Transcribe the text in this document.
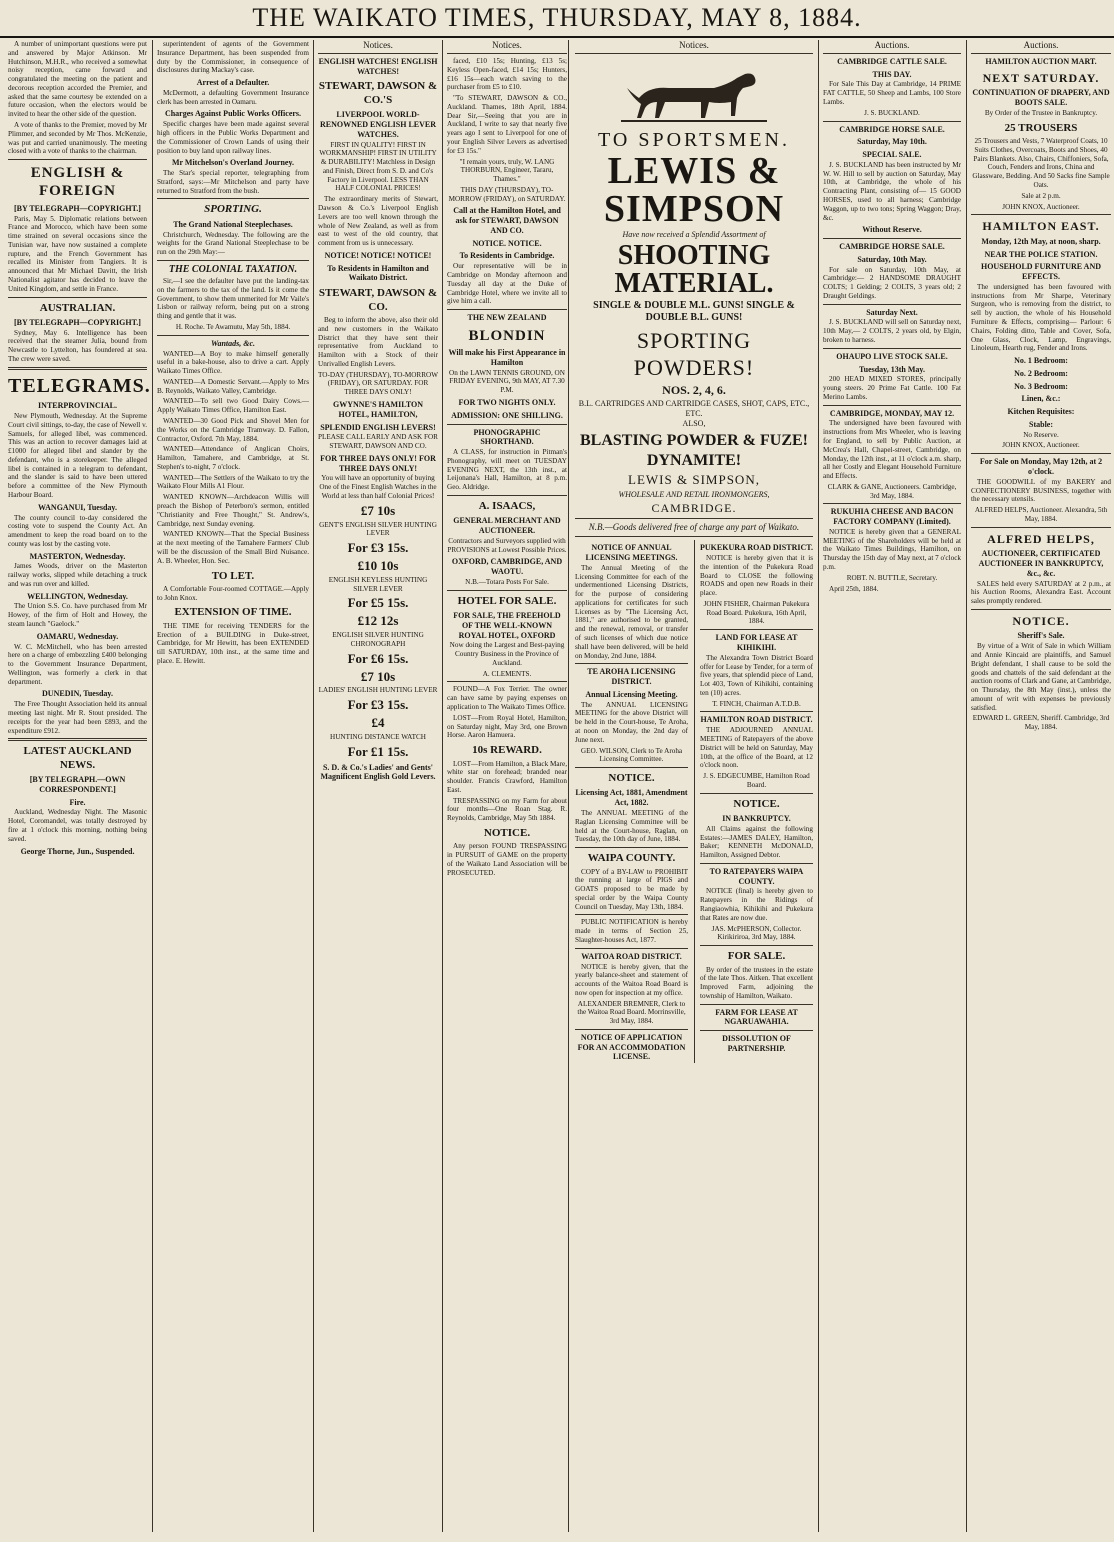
THE WAIKATO TIMES, THURSDAY, MAY 8, 1884.

A number of unimportant questions were put and answered by Major Atkinson. Mr Hutchinson, M.H.R., who received a somewhat noisy reception, came forward and congratulated the meeting on the patient and decorous reception accorded the Premier, and asked that the same courtesy be extended on a future occasion, when the electors would be invited to hear the other side of the question.

A vote of thanks to the Premier, moved by Mr Plimmer, and seconded by Mr Thos. McKenzie, was put and carried unanimously. The meeting closed with a vote of thanks to the chairman.

ENGLISH & FOREIGN
[BY TELEGRAPH—COPYRIGHT.]

Paris, May 5. Diplomatic relations between France and Morocco, which have been some time strained on several occasions since the Tunisian war, have now sustained a complete rupture, and the French Government has recalled its Minister from Tangiers. It is announced that Mr Michael Davitt, the Irish Nationalist agitator has decided to leave the United Kingdom, and settle in France.

AUSTRALIAN.
[BY TELEGRAPH—COPYRIGHT.]

Sydney, May 6. Intelligence has been received that the steamer Julia, bound from Newcastle to Lyttelton, has foundered at sea. The crew were saved.

TELEGRAMS.
INTERPROVINCIAL.

New Plymouth, Wednesday. At the Supreme Court civil sittings, to-day, the case of Newell v. Samuels, for alleged libel, was commenced. This was an action to recover damages laid at £1000 for alleged libel and slander by the defendant, who is a storekeeper. The alleged libel is contained in a telegram to defendant, and the slander is said to have been uttered before a committee of the New Plymouth Harbour Board.

WANGANUI, Tuesday.

The county council to-day considered the costing vote to suspend the County Act. An amendment to keep the road board on to the county was lost by the casting vote.

MASTERTON, Wednesday.

James Woods, driver on the Masterton railway works, slipped while detaching a truck and was run over and killed.

WELLINGTON, Wednesday.

The Union S.S. Co. have purchased from Mr Howey, of the firm of Holt and Howey, the steam launch "Gaelock."

OAMARU, Wednesday.

W. C. McMitchell, who has been arrested here on a charge of embezzling £400 belonging to the Government Insurance Department, Wellington, was formerly a clerk in that department.

DUNEDIN, Tuesday.

The Free Thought Association held its annual meeting last night. Mr R. Stout presided. The receipts for the year had been £893, and the expenditure £912.

LATEST AUCKLAND NEWS.
[BY TELEGRAPH.—OWN CORRESPONDENT.]
Fire.

Auckland, Wednesday Night. The Masonic Hotel, Coromandel, was totally destroyed by fire at 1 o'clock this morning, nothing being saved.

George Thorne, Jun., Suspended.

superintendent of agents of the Government Insurance Department, has been suspended from duty by the Commissioner, in consequence of disclosures during Mackay's case.

Arrest of a Defaulter.

McDermott, a defaulting Government Insurance clerk has been arrested in Oamaru.

Charges Against Public Works Officers.

Specific charges have been made against several high officers in the Public Works Department and the Commissioner of Crown Lands of using their position to buy land upon railway lines.

Mr Mitchelson's Overland Journey.

The Star's special reporter, telegraphing from Stratford, says:—Mr Mitchelson and party have returned to Stratford from the bush.

SPORTING.
The Grand National Steeplechases.

Christchurch, Wednesday. The following are the weights for the Grand National Steeplechase to be run on the 29th May:—

THE COLONIAL TAXATION.

Sir,—I see the defaulter have put the landing-tax on the farmers to the tax of the land. Is it come the Government, to show them unmerited for Mr Vaile's Lisbon or railway reform, being put on a strong thing and gentle that it was.

H. Roche. Te Awamutu, May 5th, 1884.

Wantads, &c.

WANTED—A Boy to make himself generally useful in a bake-house, also to drive a cart. Apply Waikato Times Office.

WANTED—A Domestic Servant.—Apply to Mrs B. Reynolds, Waikato Valley, Cambridge.

WANTED—To sell two Good Dairy Cows.—Apply Waikato Times Office, Hamilton East.

WANTED—30 Good Pick and Shovel Men for the Works on the Cambridge Tramway. D. Fallon, Contractor, Oxford. 7th May, 1884.

WANTED—Attendance of Anglican Choirs, Hamilton, Tamahere, and Cambridge, at St. Stephen's to-night, 7 o'clock.

WANTED—The Settlers of the Waikato to try the Waikato Flour Mills A1 Flour.

WANTED KNOWN—Archdeacon Willis will preach the Bishop of Peterboro's sermon, entitled "Christianity and Free Thought," St. Andrew's, Cambridge, next Sunday evening.

WANTED KNOWN—That the Special Business at the next meeting of the Tamahere Farmers' Club will be the discussion of the Small Bird Nuisance. A. B. Wheeler, Hon. Sec.

TO LET.

A Comfortable Four-roomed COTTAGE.—Apply to John Knox.

EXTENSION OF TIME.

THE TIME for receiving TENDERS for the Erection of a BUILDING in Duke-street, Cambridge, for Mr Hewitt, has been EXTENDED till SATURDAY, 10th inst., at the same time and place. E. Hewitt.

Notices.
ENGLISH WATCHES! ENGLISH WATCHES!
STEWART, DAWSON & CO.'S
LIVERPOOL WORLD-RENOWNED ENGLISH LEVER WATCHES.

FIRST IN QUALITY! FIRST IN WORKMANSHIP! FIRST IN UTILITY & DURABILITY! Matchless in Design and Finish, Direct from S. D. and Co's Factory in Liverpool. LESS THAN HALF COLONIAL PRICES!

The extraordinary merits of Stewart, Dawson & Co.'s Liverpool English Levers are too well known through the whole of New Zealand, as well as from east to west of the old country, that comment from us is unnecessary.

NOTICE! NOTICE! NOTICE!
To Residents in Hamilton and Waikato District.
STEWART, DAWSON & CO.

Beg to inform the above, also their old and new customers in the Waikato District that they have sent their representative from Auckland to Hamilton with a Stock of their Unrivalled English Levers.

TO-DAY (THURSDAY), TO-MORROW (FRIDAY), OR SATURDAY. FOR THREE DAYS ONLY!

GWYNNE'S HAMILTON HOTEL, HAMILTON,
SPLENDID ENGLISH LEVERS!

PLEASE CALL EARLY AND ASK FOR STEWART, DAWSON AND CO.

FOR THREE DAYS ONLY! FOR THREE DAYS ONLY!

You will have an opportunity of buying One of the Finest English Watches in the World at less than half Colonial Prices!

£7 10s

GENT'S ENGLISH SILVER HUNTING LEVER

For £3 15s.
£10 10s

ENGLISH KEYLESS HUNTING SILVER LEVER

For £5 15s.
£12 12s

ENGLISH SILVER HUNTING CHRONOGRAPH

For £6 15s.
£7 10s

LADIES' ENGLISH HUNTING LEVER

For £3 15s.
£4

HUNTING DISTANCE WATCH

For £1 15s.
S. D. & Co.'s Ladies' and Gents' Magnificent English Gold Levers.
Notices.

faced, £10 15s; Hunting, £13 5s; Keyless Open-faced, £14 15s; Hunters, £16 15s—each watch saving to the purchaser from £5 to £10.

"To STEWART, DAWSON & CO., Auckland. Thames, 18th April, 1884. Dear Sir,—Seeing that you are in Auckland, I write to say that nearly five years ago I sent to Liverpool for one of your English Silver Levers as advertised for £3 15s."

"I remain yours, truly, W. LANG THORBURN, Engineer, Tararu, Thames."

THIS DAY (THURSDAY), TO-MORROW (FRIDAY), on SATURDAY.

Call at the Hamilton Hotel, and ask for STEWART, DAWSON AND CO.
NOTICE. NOTICE.
To Residents in Cambridge.

Our representative will be in Cambridge on Monday afternoon and Tuesday all day at the Duke of Cambridge Hotel, where we invite all to give him a call.

THE NEW ZEALAND
BLONDIN
Will make his First Appearance in Hamilton

On the LAWN TENNIS GROUND, ON FRIDAY EVENING, 9th MAY, AT 7.30 P.M.

FOR TWO NIGHTS ONLY.
ADMISSION: ONE SHILLING.
PHONOGRAPHIC SHORTHAND.

A CLASS, for instruction in Pitman's Phonography, will meet on TUESDAY EVENING NEXT, the 13th inst., at Leijonana's Hall, Hamilton, at 8 p.m. Geo. Aldridge.

A. ISAACS,
GENERAL MERCHANT AND AUCTIONEER.

Contractors and Surveyors supplied with PROVISIONS at Lowest Possible Prices.

OXFORD, CAMBRIDGE, AND WAOTU.

N.B.—Totara Posts For Sale.

HOTEL FOR SALE.
FOR SALE, THE FREEHOLD OF THE WELL-KNOWN ROYAL HOTEL, OXFORD

Now doing the Largest and Best-paying Country Business in the Province of Auckland.

A. CLEMENTS.

FOUND—A Fox Terrier. The owner can have same by paying expenses on application to The Waikato Times Office.

LOST—From Royal Hotel, Hamilton, on Saturday night, May 3rd, one Brown Horse. Aaron Hamuera.

10s REWARD.

LOST—From Hamilton, a Black Mare, white star on forehead; branded near shoulder. Francis Crawford, Hamilton East.

TRESPASSING on my Farm for about four months—One Roan Stag. R. Reynolds, Cambridge, May 5th 1884.

NOTICE.

Any person FOUND TRESPASSING in PURSUIT of GAME on the property of the Waikato Land Association will be PROSECUTED.

Notices.
TO SPORTSMEN.
LEWIS & SIMPSON
Have now received a Splendid Assortment of
SHOOTING MATERIAL.
SINGLE & DOUBLE M.L. GUNS! SINGLE & DOUBLE B.L. GUNS!
SPORTING POWDERS!
NOS. 2, 4, 6.
B.L. CARTRIDGES AND CARTRIDGE CASES, SHOT, CAPS, ETC., ETC.
ALSO,
BLASTING POWDER & FUZE! DYNAMITE!
LEWIS & SIMPSON,
WHOLESALE AND RETAIL IRONMONGERS,
CAMBRIDGE.
N.B.—Goods delivered free of charge any part of Waikato.
NOTICE OF ANNUAL LICENSING MEETINGS.

The Annual Meeting of the Licensing Committee for each of the undermentioned Licensing Districts, for the purpose of considering applications for certificates for such Licenses as by "The Licensing Act, 1881," are authorised to be granted, and the renewal, removal, or transfer of such licenses of which due notice shall have been delivered, will be held on Monday, 2nd June, 1884.

TE AROHA LICENSING DISTRICT.
Annual Licensing Meeting.

The ANNUAL LICENSING MEETING for the above District will be held in the Court-house, Te Aroha, at noon on Monday, the 2nd day of June next.

GEO. WILSON, Clerk to Te Aroha Licensing Committee.

NOTICE.
Licensing Act, 1881, Amendment Act, 1882.

The ANNUAL MEETING of the Raglan Licensing Committee will be held at the Court-house, Raglan, on Tuesday, the 10th day of June, 1884.

WAIPA COUNTY.

COPY of a BY-LAW to PROHIBIT the running at large of PIGS and GOATS proposed to be made by special order by the Waipa County Council on Tuesday, May 13th, 1884.

PUBLIC NOTIFICATION is hereby made in terms of Section 25, Slaughter-houses Act, 1877.

WAITOA ROAD DISTRICT.

NOTICE is hereby given, that the yearly balance-sheet and statement of accounts of the Waitoa Road Board is now open for inspection at my office.

ALEXANDER BREMNER, Clerk to the Waitoa Road Board. Morrinsville, 3rd May, 1884.

NOTICE OF APPLICATION FOR AN ACCOMMODATION LICENSE.
PUKEKURA ROAD DISTRICT.

NOTICE is hereby given that it is the intention of the Pukekura Road Board to CLOSE the following ROADS and open new Roads in their place.

JOHN FISHER, Chairman Pukekura Road Board. Pukekura, 16th April, 1884.

LAND FOR LEASE AT KIHIKIHI.

The Alexandra Town District Board offer for Lease by Tender, for a term of five years, that splendid piece of Land, Lot 403, Town of Kihikihi, containing ten (10) acres.

T. FINCH, Chairman A.T.D.B.

HAMILTON ROAD DISTRICT.

THE ADJOURNED ANNUAL MEETING of Ratepayers of the above District will be held on Saturday, May 10th, at the office of the Board, at 12 o'clock noon.

J. S. EDGECUMBE, Hamilton Road Board.

NOTICE.
IN BANKRUPTCY.

All Claims against the following Estates:—JAMES DALEY, Hamilton, Baker; KENNETH McDONALD, Hamilton, Assigned Debtor.

TO RATEPAYERS WAIPA COUNTY.

NOTICE (final) is hereby given to Ratepayers in the Ridings of Rangiaowhia, Kihikihi and Pukekura that Rates are now due.

JAS. McPHERSON, Collector. Kirikiriroa, 3rd May, 1884.

FOR SALE.

By order of the trustees in the estate of the late Thos. Aitken. That excellent Improved Farm, adjoining the township of Hamilton, Waikato.

FARM FOR LEASE AT NGARUAWAHIA.
DISSOLUTION OF PARTNERSHIP.
Auctions.
CAMBRIDGE CATTLE SALE.
THIS DAY.

For Sale This Day at Cambridge, 14 PRIME FAT CATTLE, 50 Sheep and Lambs, 100 Store Lambs.

J. S. BUCKLAND.

CAMBRIDGE HORSE SALE.
Saturday, May 10th.
SPECIAL SALE.

J. S. BUCKLAND has been instructed by Mr W. W. Hill to sell by auction on Saturday, May 10th, at Cambridge, the whole of his Contracting Plant, consisting of— 15 GOOD HORSES, used to all harness; Cambridge Waggon, up to two tons; Spring Waggon; Dray, &c.

Without Reserve.
CAMBRIDGE HORSE SALE.
Saturday, 10th May.

For sale on Saturday, 10th May, at Cambridge:— 2 HANDSOME DRAUGHT COLTS; 1 Gelding; 2 COLTS, 3 years old; 2 Draught Geldings.

Saturday Next.

J. S. BUCKLAND will sell on Saturday next, 10th May,— 2 COLTS, 2 years old, by Elgin, broken to harness.

OHAUPO LIVE STOCK SALE.
Tuesday, 13th May.

200 HEAD MIXED STORES, principally young steers. 20 Prime Fat Cattle. 100 Fat Merino Lambs.

CAMBRIDGE, MONDAY, MAY 12.

The undersigned have been favoured with instructions from Mrs Wheeler, who is leaving for England, to sell by Public Auction, at McCrea's Hall, Chapel-street, Cambridge, on Monday, the 12th inst., at 11 o'clock a.m. sharp, all her Costly and Elegant Household Furniture and Effects.

CLARK & GANE, Auctioneers. Cambridge, 3rd May, 1884.

RUKUHIA CHEESE AND BACON FACTORY COMPANY (Limited).

NOTICE is hereby given that a GENERAL MEETING of the Shareholders will be held at the Waikato Times Buildings, Hamilton, on Thursday the 15th day of May next, at 7 o'clock p.m.

ROBT. N. BUTTLE, Secretary.

April 25th, 1884.

Auctions.
HAMILTON AUCTION MART.
NEXT SATURDAY.
CONTINUATION OF DRAPERY, AND BOOTS SALE.

By Order of the Trustee in Bankruptcy.

25 TROUSERS

25 Trousers and Vests, 7 Waterproof Coats, 10 Suits Clothes, Overcoats, Boots and Shoes, 40 Pairs Blankets. Also, Chairs, Chiffoniers, Sofa, Couch, Fenders and Irons, China and Glassware, Bedding. And 50 Sacks fine Sample Oats.

Sale at 2 p.m.

JOHN KNOX, Auctioneer.

HAMILTON EAST.
Monday, 12th May, at noon, sharp.
NEAR THE POLICE STATION.
HOUSEHOLD FURNITURE AND EFFECTS.

The undersigned has been favoured with instructions from Mr Sharpe, Veterinary Surgeon, who is removing from the district, to sell by auction, the whole of his Household Furniture & Effects, comprising— Parlour: 6 Chairs, Folding ditto, Table and Cover, Sofa, One Glass, Clock, Lamp, Engravings, Linoleum, Hearth rug, Fender and Irons.

No. 1 Bedroom:
No. 2 Bedroom:
No. 3 Bedroom:
Linen, &c.:
Kitchen Requisites:
Stable:

No Reserve.

JOHN KNOX, Auctioneer.

For Sale on Monday, May 12th, at 2 o'clock.

THE GOODWILL of my BAKERY and CONFECTIONERY BUSINESS, together with the necessary utensils.

ALFRED HELPS, Auctioneer. Alexandra, 5th May, 1884.

ALFRED HELPS,
AUCTIONEER, CERTIFICATED AUCTIONEER IN BANKRUPTCY, &c., &c.

SALES held every SATURDAY at 2 p.m., at his Auction Rooms, Alexandra East. Account sales promptly rendered.

NOTICE.
Sheriff's Sale.

By virtue of a Writ of Sale in which William and Annie Kincaid are plaintiffs, and Samuel Bright defendant, I shall cause to be sold the goods and chattels of the said defendant at the auction rooms of Clark and Gane, at Cambridge, on Thursday, the 8th May (inst.), unless the amount of writ with expenses be previously satisfied.

EDWARD L. GREEN, Sheriff. Cambridge, 3rd May, 1884.
